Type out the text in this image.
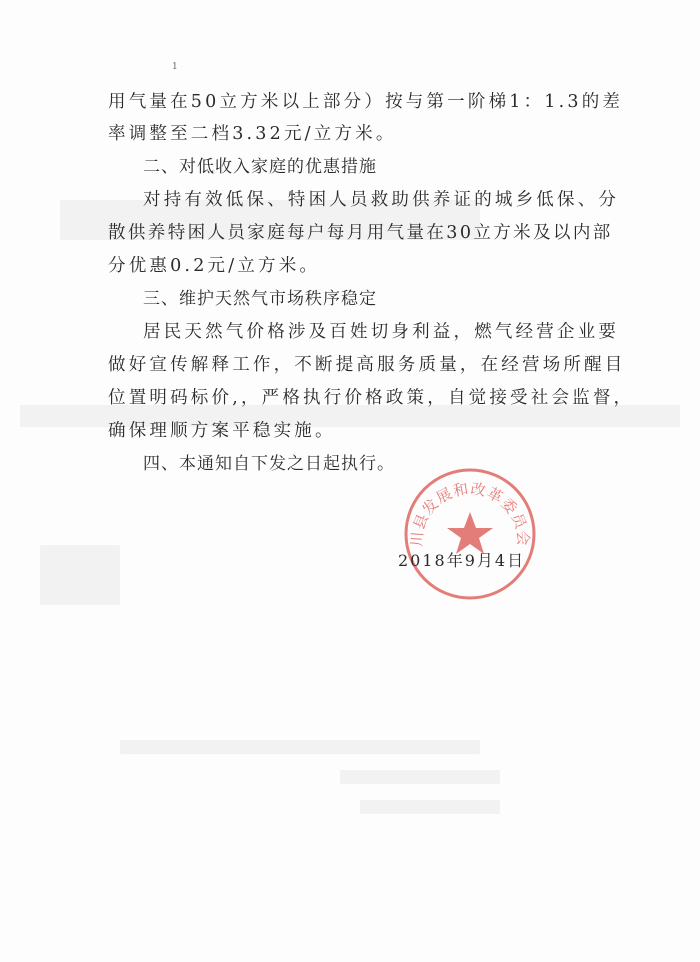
1
用气量在50立方米以上部分）按与第一阶梯1：1.3的差
率调整至二档3.32元/立方米。
二、对低收入家庭的优惠措施
对持有效低保、特困人员救助供养证的城乡低保、分
散供养特困人员家庭每户每月用气量在30立方米及以内部
分优惠0.2元/立方米。
三、维护天然气市场秩序稳定
居民天然气价格涉及百姓切身利益，燃气经营企业要
做好宣传解释工作，不断提高服务质量，在经营场所醒目
位置明码标价,，严格执行价格政策，自觉接受社会监督，
确保理顺方案平稳实施。
四、本通知自下发之日起执行。
川县发展和改革委员会
2018年9月4日
